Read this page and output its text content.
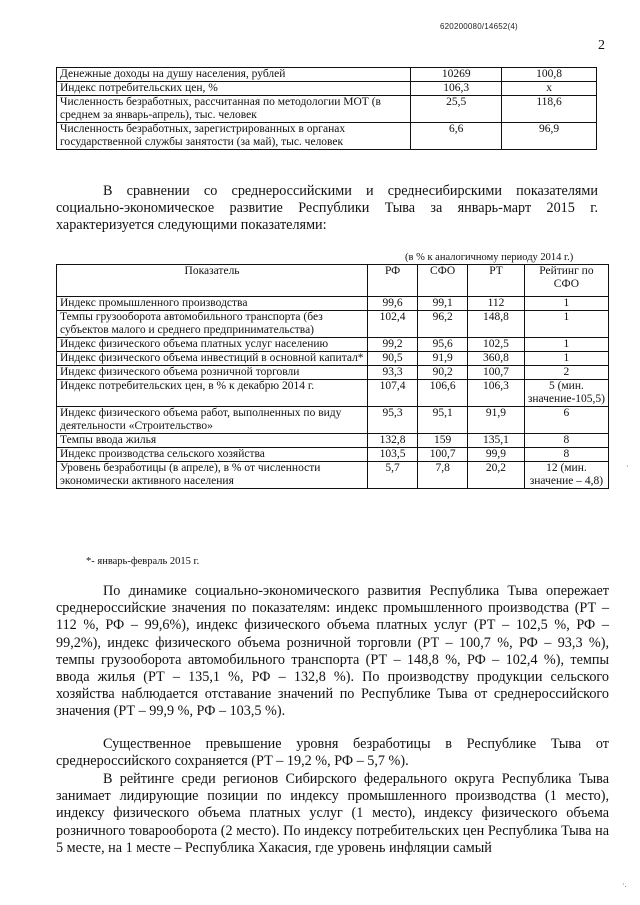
620200080/14652(4)
2
·
·.
Денежные доходы на душу населения, рублей	10269	100,8
Индекс потребительских цен, %	106,3	x
Численность безработных, рассчитанная по методологии МОТ (в среднем за январь-апрель), тыс. человек	25,5	118,6
Численность безработных, зарегистрированных в органах государственной службы занятости (за май), тыс. человек	6,6	96,9

В сравнении со среднероссийскими и среднесибирскими показателями социально-экономическое развитие Республики Тыва за январь-март 2015 г. характеризуется следующими показателями:

(в % к аналогичному периоду 2014 г.)
Показатель	РФ	СФО	РТ	Рейтинг по СФО
Индекс промышленного производства	99,6	99,1	112	1
Темпы грузооборота автомобильного транспорта (без субъектов малого и среднего предпринимательства)	102,4	96,2	148,8	1
Индекс физического объема платных услуг населению	99,2	95,6	102,5	1
Индекс физического объема инвестиций в основной капитал*	90,5	91,9	360,8	1
Индекс физического объема розничной торговли	93,3	90,2	100,7	2
Индекс потребительских цен, в % к декабрю 2014 г.	107,4	106,6	106,3	5 (мин. значение-105,5)
Индекс физического объема работ, выполненных по виду деятельности «Строительство»	95,3	95,1	91,9	6
Темпы ввода жилья	132,8	159	135,1	8
Индекс производства сельского хозяйства	103,5	100,7	99,9	8
Уровень безработицы (в апреле), в % от численности экономически активного населения	5,7	7,8	20,2	12 (мин. значение – 4,8)
*- январь-февраль 2015 г.

По динамике социально-экономического развития Республика Тыва опережает среднероссийские значения по показателям: индекс промышленного производства (РТ – 112 %, РФ – 99,6%), индекс физического объема платных услуг (РТ – 102,5 %, РФ – 99,2%), индекс физического объема розничной торговли (РТ – 100,7 %, РФ – 93,3 %), темпы грузооборота автомобильного транспорта (РТ – 148,8 %, РФ – 102,4 %), темпы ввода жилья (РТ – 135,1 %, РФ – 132,8 %). По производству продукции сельского хозяйства наблюдается отставание значений по Республике Тыва от среднероссийского значения (РТ – 99,9 %, РФ – 103,5 %).

Существенное превышение уровня безработицы в Республике Тыва от среднероссийского сохраняется (РТ – 19,2 %, РФ – 5,7 %).

В рейтинге среди регионов Сибирского федерального округа Республика Тыва занимает лидирующие позиции по индексу промышленного производства (1 место), индексу физического объема платных услуг (1 место), индексу физического объема розничного товарооборота (2 место). По индексу потребительских цен Республика Тыва на 5 месте, на 1 месте – Республика Хакасия, где уровень инфляции самый
